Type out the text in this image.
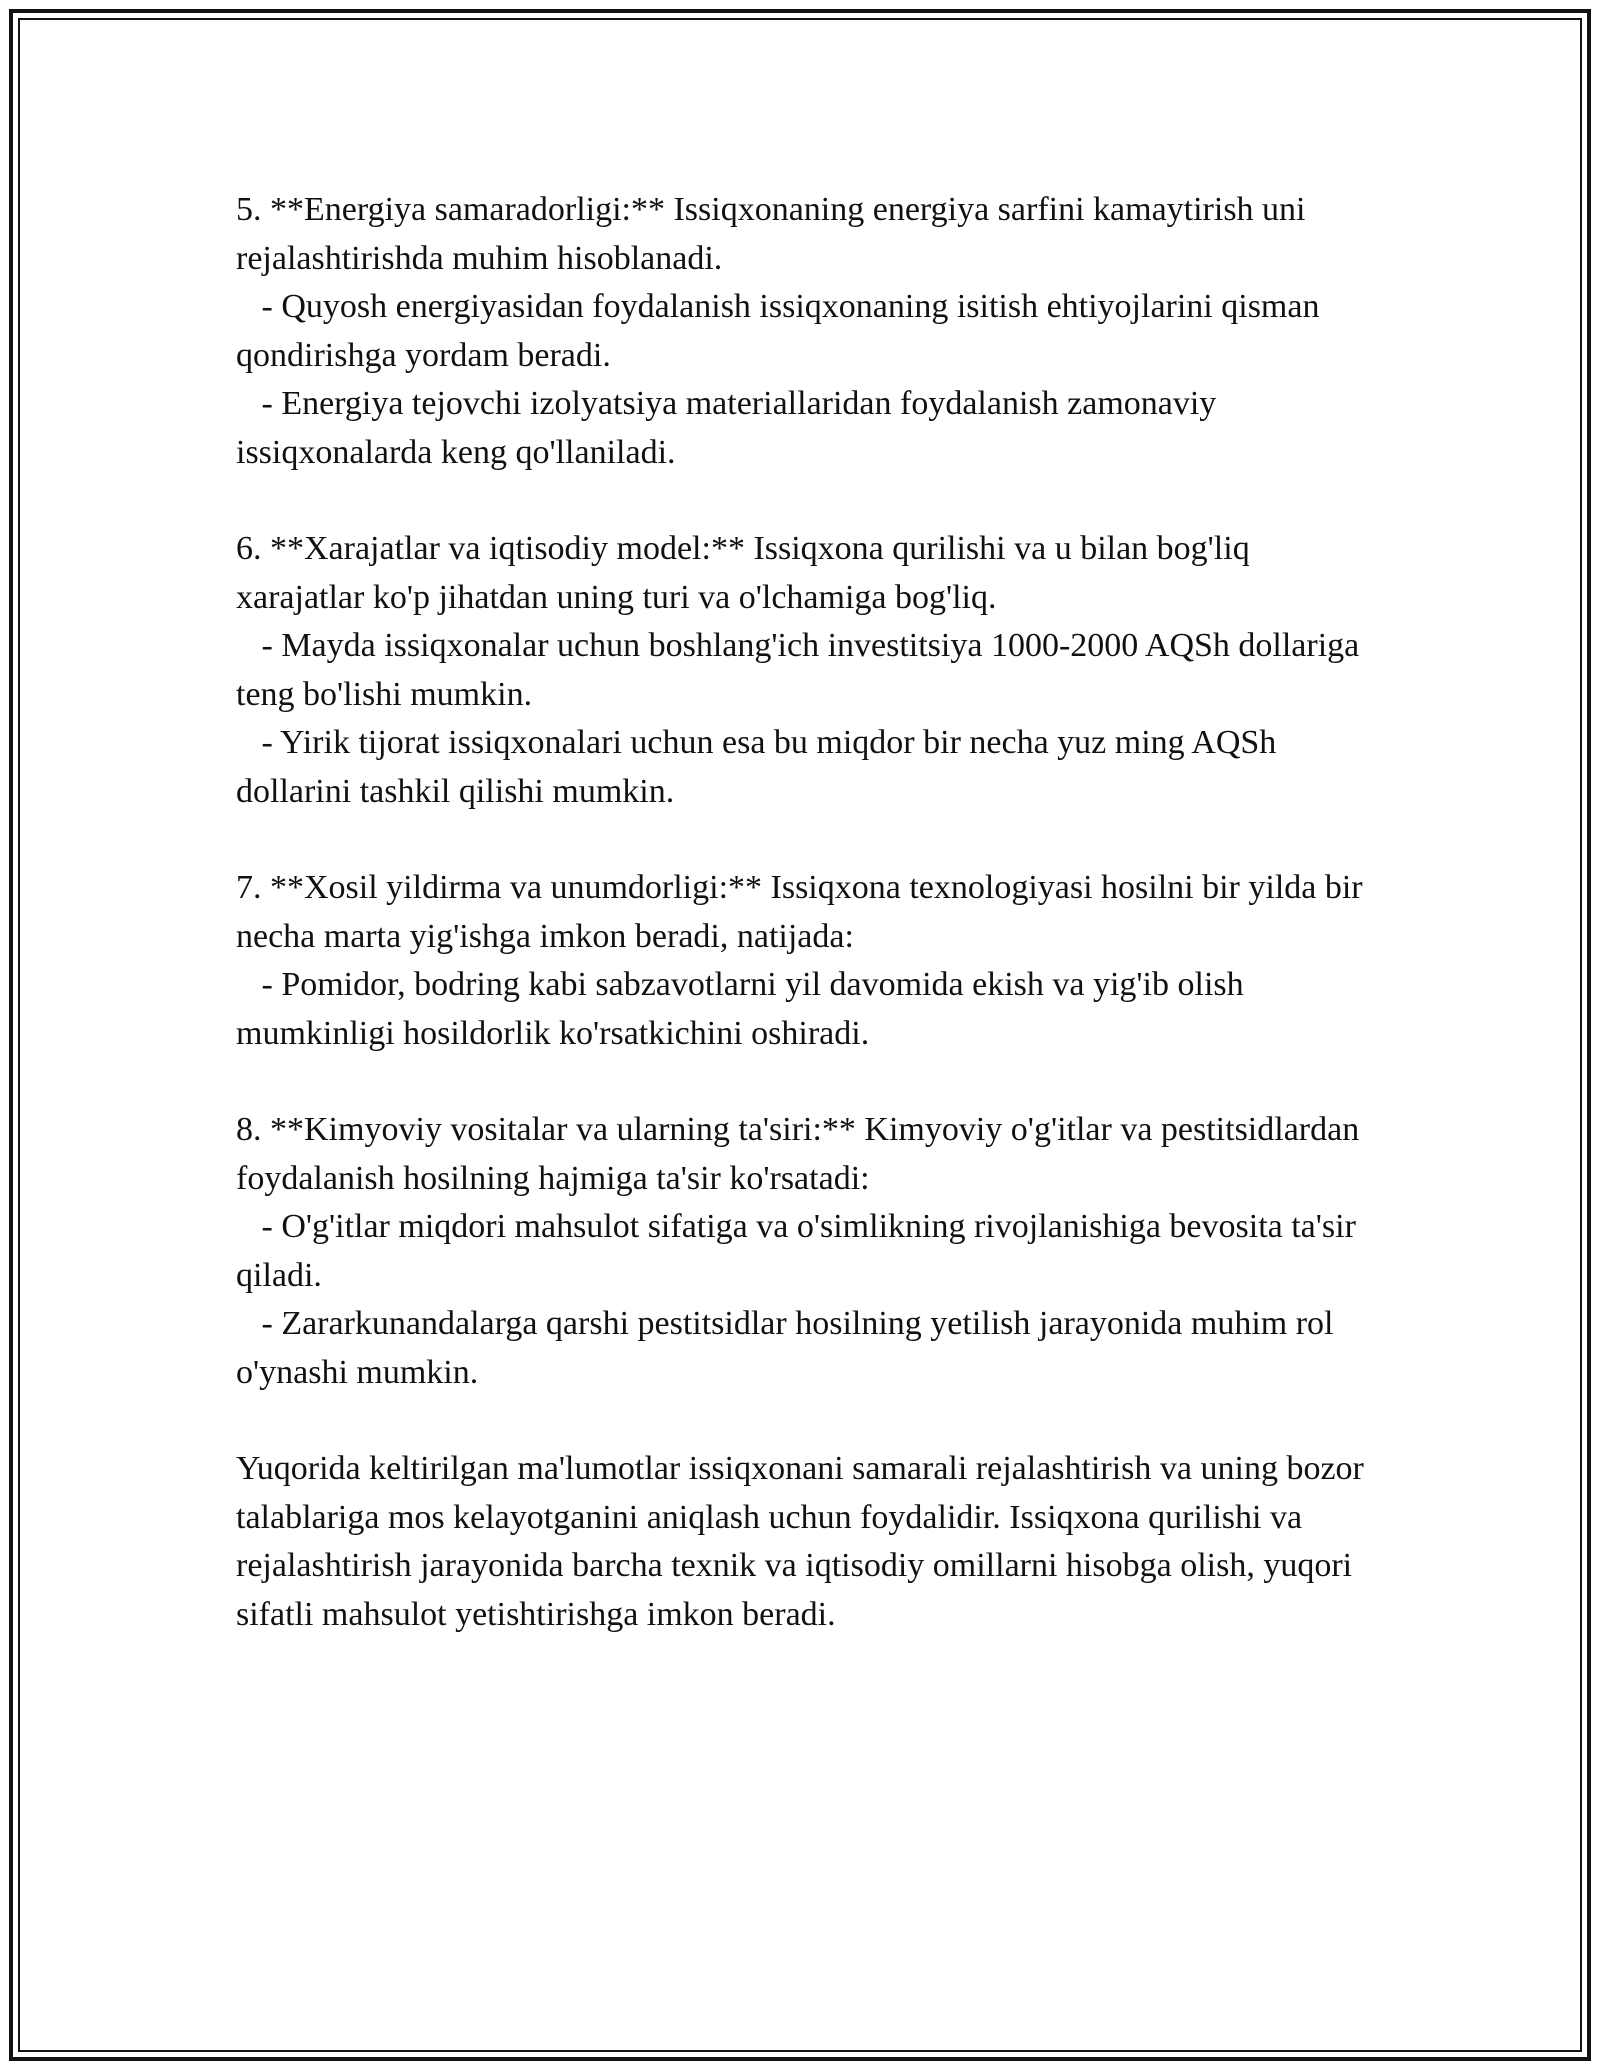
5. **Energiya samaradorligi:** Issiqxonaning energiya sarfini kamaytirish uni rejalashtirishda muhim hisoblanadi.

- Quyosh energiyasidan foydalanish issiqxonaning isitish ehtiyojlarini qisman qondirishga yordam beradi.

- Energiya tejovchi izolyatsiya materiallaridan foydalanish zamonaviy issiqxonalarda keng qo'llaniladi.

6. **Xarajatlar va iqtisodiy model:** Issiqxona qurilishi va u bilan bog'liq xarajatlar ko'p jihatdan uning turi va o'lchamiga bog'liq.

- Mayda issiqxonalar uchun boshlang'ich investitsiya 1000-2000 AQSh dollariga teng bo'lishi mumkin.

- Yirik tijorat issiqxonalari uchun esa bu miqdor bir necha yuz ming AQSh dollarini tashkil qilishi mumkin.

7. **Xosil yildirma va unumdorligi:** Issiqxona texnologiyasi hosilni bir yilda bir necha marta yig'ishga imkon beradi, natijada:

- Pomidor, bodring kabi sabzavotlarni yil davomida ekish va yig'ib olish mumkinligi hosildorlik ko'rsatkichini oshiradi.

8. **Kimyoviy vositalar va ularning ta'siri:** Kimyoviy o'g'itlar va pestitsidlardan foydalanish hosilning hajmiga ta'sir ko'rsatadi:

- O'g'itlar miqdori mahsulot sifatiga va o'simlikning rivojlanishiga bevosita ta'sir qiladi.

- Zararkunandalarga qarshi pestitsidlar hosilning yetilish jarayonida muhim rol o'ynashi mumkin.

Yuqorida keltirilgan ma'lumotlar issiqxonani samarali rejalashtirish va uning bozor talablariga mos kelayotganini aniqlash uchun foydalidir. Issiqxona qurilishi va rejalashtirish jarayonida barcha texnik va iqtisodiy omillarni hisobga olish, yuqori sifatli mahsulot yetishtirishga imkon beradi.
